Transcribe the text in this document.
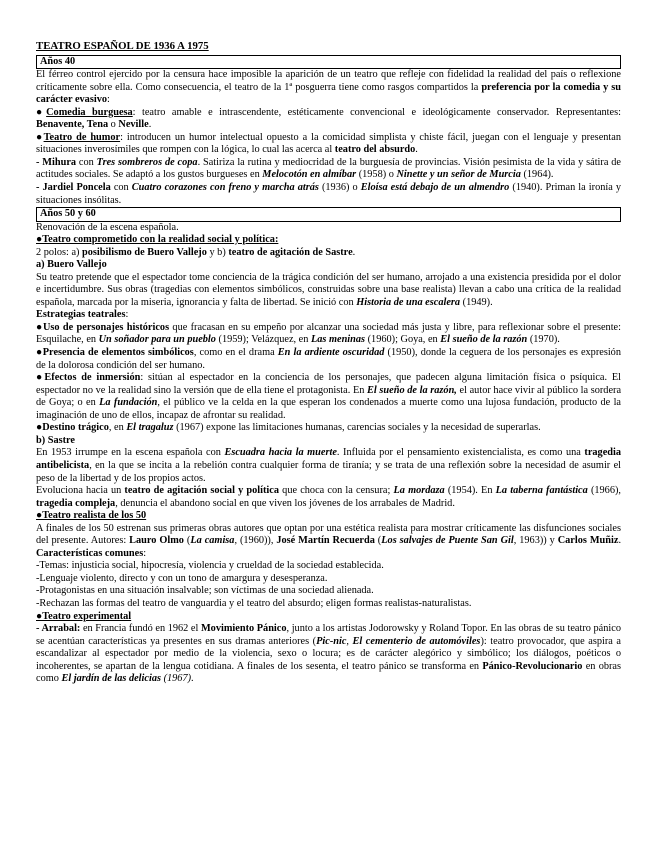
TEATRO ESPAÑOL DE 1936 A 1975
Años 40

El férreo control ejercido por la censura hace imposible la aparición de un teatro que refleje con fidelidad la realidad del país o reflexione críticamente sobre ella. Como consecuencia, el teatro de la 1ª posguerra tiene como rasgos compartidos la preferencia por la comedia y su carácter evasivo:

●Comedia burguesa: teatro amable e intrascendente, estéticamente convencional e ideológicamente conservador. Representantes: Benavente, Tena o Neville.

●Teatro de humor: introducen un humor intelectual opuesto a la comicidad simplista y chiste fácil, juegan con el lenguaje y presentan situaciones inverosímiles que rompen con la lógica, lo cual las acerca al teatro del absurdo.

- Mihura con Tres sombreros de copa. Satiriza la rutina y mediocridad de la burguesía de provincias. Visión pesimista de la vida y sátira de actitudes sociales. Se adaptó a los gustos burgueses en Melocotón en almíbar (1958) o Ninette y un señor de Murcia (1964).

- Jardiel Poncela con Cuatro corazones con freno y marcha atrás (1936) o Eloísa está debajo de un almendro (1940). Priman la ironía y situaciones insólitas.

Años 50 y 60

Renovación de la escena española.

●Teatro comprometido con la realidad social y política:

2 polos: a) posibilismo de Buero Vallejo y b) teatro de agitación de Sastre.

a) Buero Vallejo

Su teatro pretende que el espectador tome conciencia de la trágica condición del ser humano, arrojado a una existencia presidida por el dolor e incertidumbre. Sus obras (tragedias con elementos simbólicos, construidas sobre una base realista) llevan a cabo una crítica de la realidad española, marcada por la miseria, ignorancia y falta de libertad. Se inició con Historia de una escalera (1949).

Estrategias teatrales:

●Uso de personajes históricos que fracasan en su empeño por alcanzar una sociedad más justa y libre, para reflexionar sobre el presente: Esquilache, en Un soñador para un pueblo (1959); Velázquez, en Las meninas (1960); Goya, en El sueño de la razón (1970).

●Presencia de elementos simbólicos, como en el drama En la ardiente oscuridad (1950), donde la ceguera de los personajes es expresión de la dolorosa condición del ser humano.

●Efectos de inmersión: sitúan al espectador en la conciencia de los personajes, que padecen alguna limitación física o psíquica. El espectador no ve la realidad sino la versión que de ella tiene el protagonista. En El sueño de la razón, el autor hace vivir al público la sordera de Goya; o en La fundación, el público ve la celda en la que esperan los condenados a muerte como una lujosa fundación, producto de la imaginación de uno de ellos, incapaz de afrontar su realidad.

●Destino trágico, en El tragaluz (1967) expone las limitaciones humanas, carencias sociales y la necesidad de superarlas.

b) Sastre

En 1953 irrumpe en la escena española con Escuadra hacia la muerte. Influida por el pensamiento existencialista, es como una tragedia antibelicista, en la que se incita a la rebelión contra cualquier forma de tiranía; y se trata de una reflexión sobre la necesidad de asumir el peso de la libertad y de los propios actos.

Evoluciona hacia un teatro de agitación social y política que choca con la censura; La mordaza (1954). En La taberna fantástica (1966), tragedia compleja, denuncia el abandono social en que viven los jóvenes de los arrabales de Madrid.

●Teatro realista de los 50

A finales de los 50 estrenan sus primeras obras autores que optan por una estética realista para mostrar críticamente las disfunciones sociales del presente. Autores: Lauro Olmo (La camisa, (1960)), José Martín Recuerda (Los salvajes de Puente San Gil, 1963)) y Carlos Muñiz. Características comunes:

-Temas: injusticia social, hipocresía, violencia y crueldad de la sociedad establecida.

-Lenguaje violento, directo y con un tono de amargura y desesperanza.

-Protagonistas en una situación insalvable; son víctimas de una sociedad alienada.

-Rechazan las formas del teatro de vanguardia y el teatro del absurdo; eligen formas realistas-naturalistas.

●Teatro experimental

- Arrabal: en Francia fundó en 1962 el Movimiento Pánico, junto a los artistas Jodorowsky y Roland Topor. En las obras de su teatro pánico se acentúan características ya presentes en sus dramas anteriores (Pic-nic, El cementerio de automóviles): teatro provocador, que aspira a escandalizar al espectador por medio de la violencia, sexo o locura; es de carácter alegórico y simbólico; los diálogos, poéticos o incoherentes, se apartan de la lengua cotidiana. A finales de los sesenta, el teatro pánico se transforma en Pánico-Revolucionario en obras como El jardín de las delicias (1967).
